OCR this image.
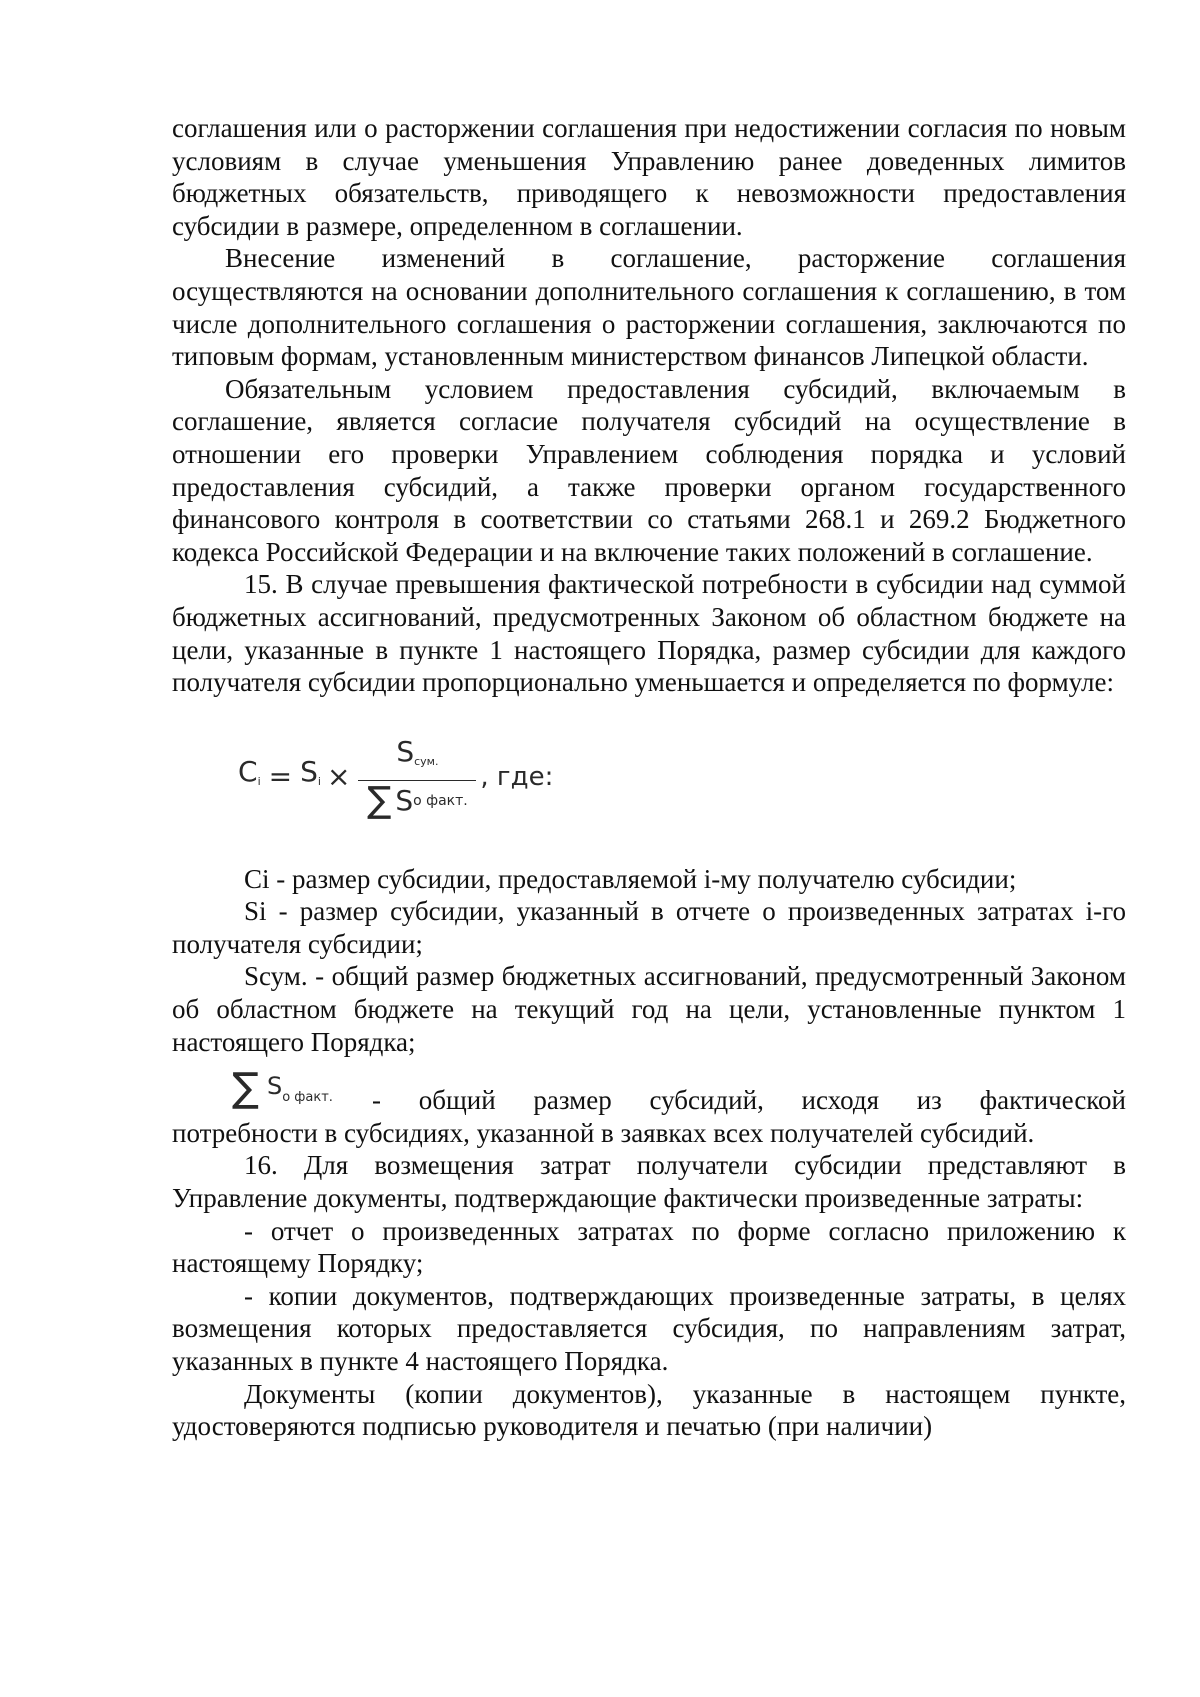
соглашения или о расторжении соглашения при недостижении согласия по новым условиям в случае уменьшения Управлению ранее доведенных лимитов бюджетных обязательств, приводящего к невозможности предоставления субсидии в размере, определенном в соглашении.

Внесение изменений в соглашение, расторжение соглашения осуществляются на основании дополнительного соглашения к соглашению, в том числе дополнительного соглашения о расторжении соглашения, заключаются по типовым формам, установленным министерством финансов Липецкой области.

Обязательным условием предоставления субсидий, включаемым в соглашение, является согласие получателя субсидий на осуществление в отношении его проверки Управлением соблюдения порядка и условий предоставления субсидий, а также проверки органом государственного финансового контроля в соответствии со статьями 268.1 и 269.2 Бюджетного кодекса Российской Федерации и на включение таких положений в соглашение.

15. В случае превышения фактической потребности в субсидии над суммой бюджетных ассигнований, предусмотренных Законом об областном бюджете на цели, указанные в пункте 1 настоящего Порядка, размер субсидии для каждого получателя субсидии пропорционально уменьшается и определяется по формуле:

$Ci = Si \times \frac{\text{Sсум.}}{\text{∑ S о факт.}}$ , где:

Ci - размер субсидии, предоставляемой i-му получателю субсидии;

Si - размер субсидии, указанный в отчете о произведенных затратах i-го получателя субсидии;

Sсум. - общий размер бюджетных ассигнований, предусмотренный Законом об областном бюджете на текущий год на цели, установленные пунктом 1 настоящего Порядка;

∑ S о факт. - общий размер субсидий, исходя из фактической

потребности в субсидиях, указанной в заявках всех получателей субсидий.

16. Для возмещения затрат получатели субсидии представляют в Управление документы, подтверждающие фактически произведенные затраты:

- отчет о произведенных затратах по форме согласно приложению к настоящему Порядку;

- копии документов, подтверждающих произведенные затраты, в целях возмещения которых предоставляется субсидия, по направлениям затрат, указанных в пункте 4 настоящего Порядка.

Документы (копии документов), указанные в настоящем пункте, удостоверяются подписью руководителя и печатью (при наличии)
